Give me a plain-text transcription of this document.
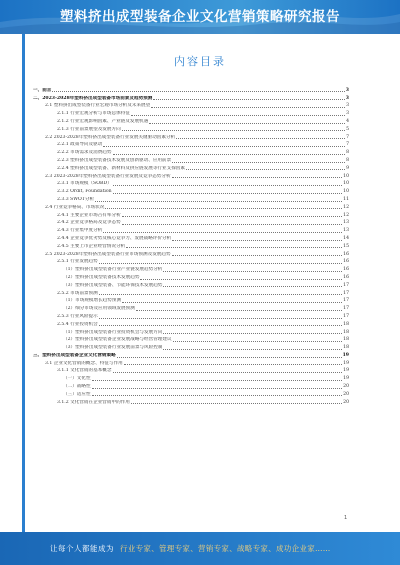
塑料挤出成型装备企业文化营销策略研究报告
内容目录
一、前言	3
二、2023-2028年塑料挤出成型装备市场前景及趋势预测	3
2.1 塑料挤出成型装备行业宏观市场分析及未来展望	3
2.1.1 行业宏观分析与市场总体特征	3
2.1.2 行业宏观影响因素、产业链及发展机遇	4
2.1.3 行业前景展望及发展方向	5
2.2 2023-2028年塑料挤出成型装备行业发展关键驱动因素分析	7
2.2.1 政策导向及驱动	7
2.2.2 市场需求及消费趋势	8
2.2.3 塑料挤出成型装备技术发展及创新驱动、应用前景	8
2.2.4 塑料挤出成型装备、新材料及供应链发展等行业支撑因素	9
2.3 2023-2028年塑料挤出成型装备行业发展及竞争态势分析	10
2.3.1 市场规模（SOBD）	10
2.3.2 Ordit, Foundation	10
2.3.3 SWOT分析	11
2.4 行业竞争格局、市场状况	12
2.4.1 主要企业市场占有率分析	12
2.4.2 企业竞争格局及竞争态势	13
2.4.3 行业集中度分析	13
2.4.4 企业竞争优劣势及核心竞争力、发展战略评价分析	14
2.4.5 主要上市企业经营情况分析	15
2.5 2023-2028年塑料挤出成型装备行业市场预测及发展趋势	16
2.5.1 行业发展趋势	16
（1）塑料挤出成型装备行业产业链发展趋势分析	16
（2）塑料挤出成型装备技术发展趋势	16
（3）塑料挤出成型装备、节能环保技术发展趋势	17
2.5.2 市场前景预测	17
（1）市场规模增长趋势预测	17
（2）细分市场及应用领域发展预测	17
2.5.3 行业风险提示	17
2.5.4 行业投资机会	18
（1）塑料挤出成型装备行业投资机会与发展方向	18
（2）塑料挤出成型装备企业发展战略与经营管理建议	18
（3）塑料挤出成型装备行业发展前景与风险控制	18
三、塑料挤出成型装备企业文化营销策略	19
3.1 企业文化营销的概念、特征与作用	19
3.1.1 文化营销的基本概念	19
（一）文化性	19
（二）战略性	20
（三）适应性	20
3.1.2 文化营销在企业营销中的作用	20
1
让每个人都能成为 行业专家、管理专家、营销专家、战略专家、成功企业家……
